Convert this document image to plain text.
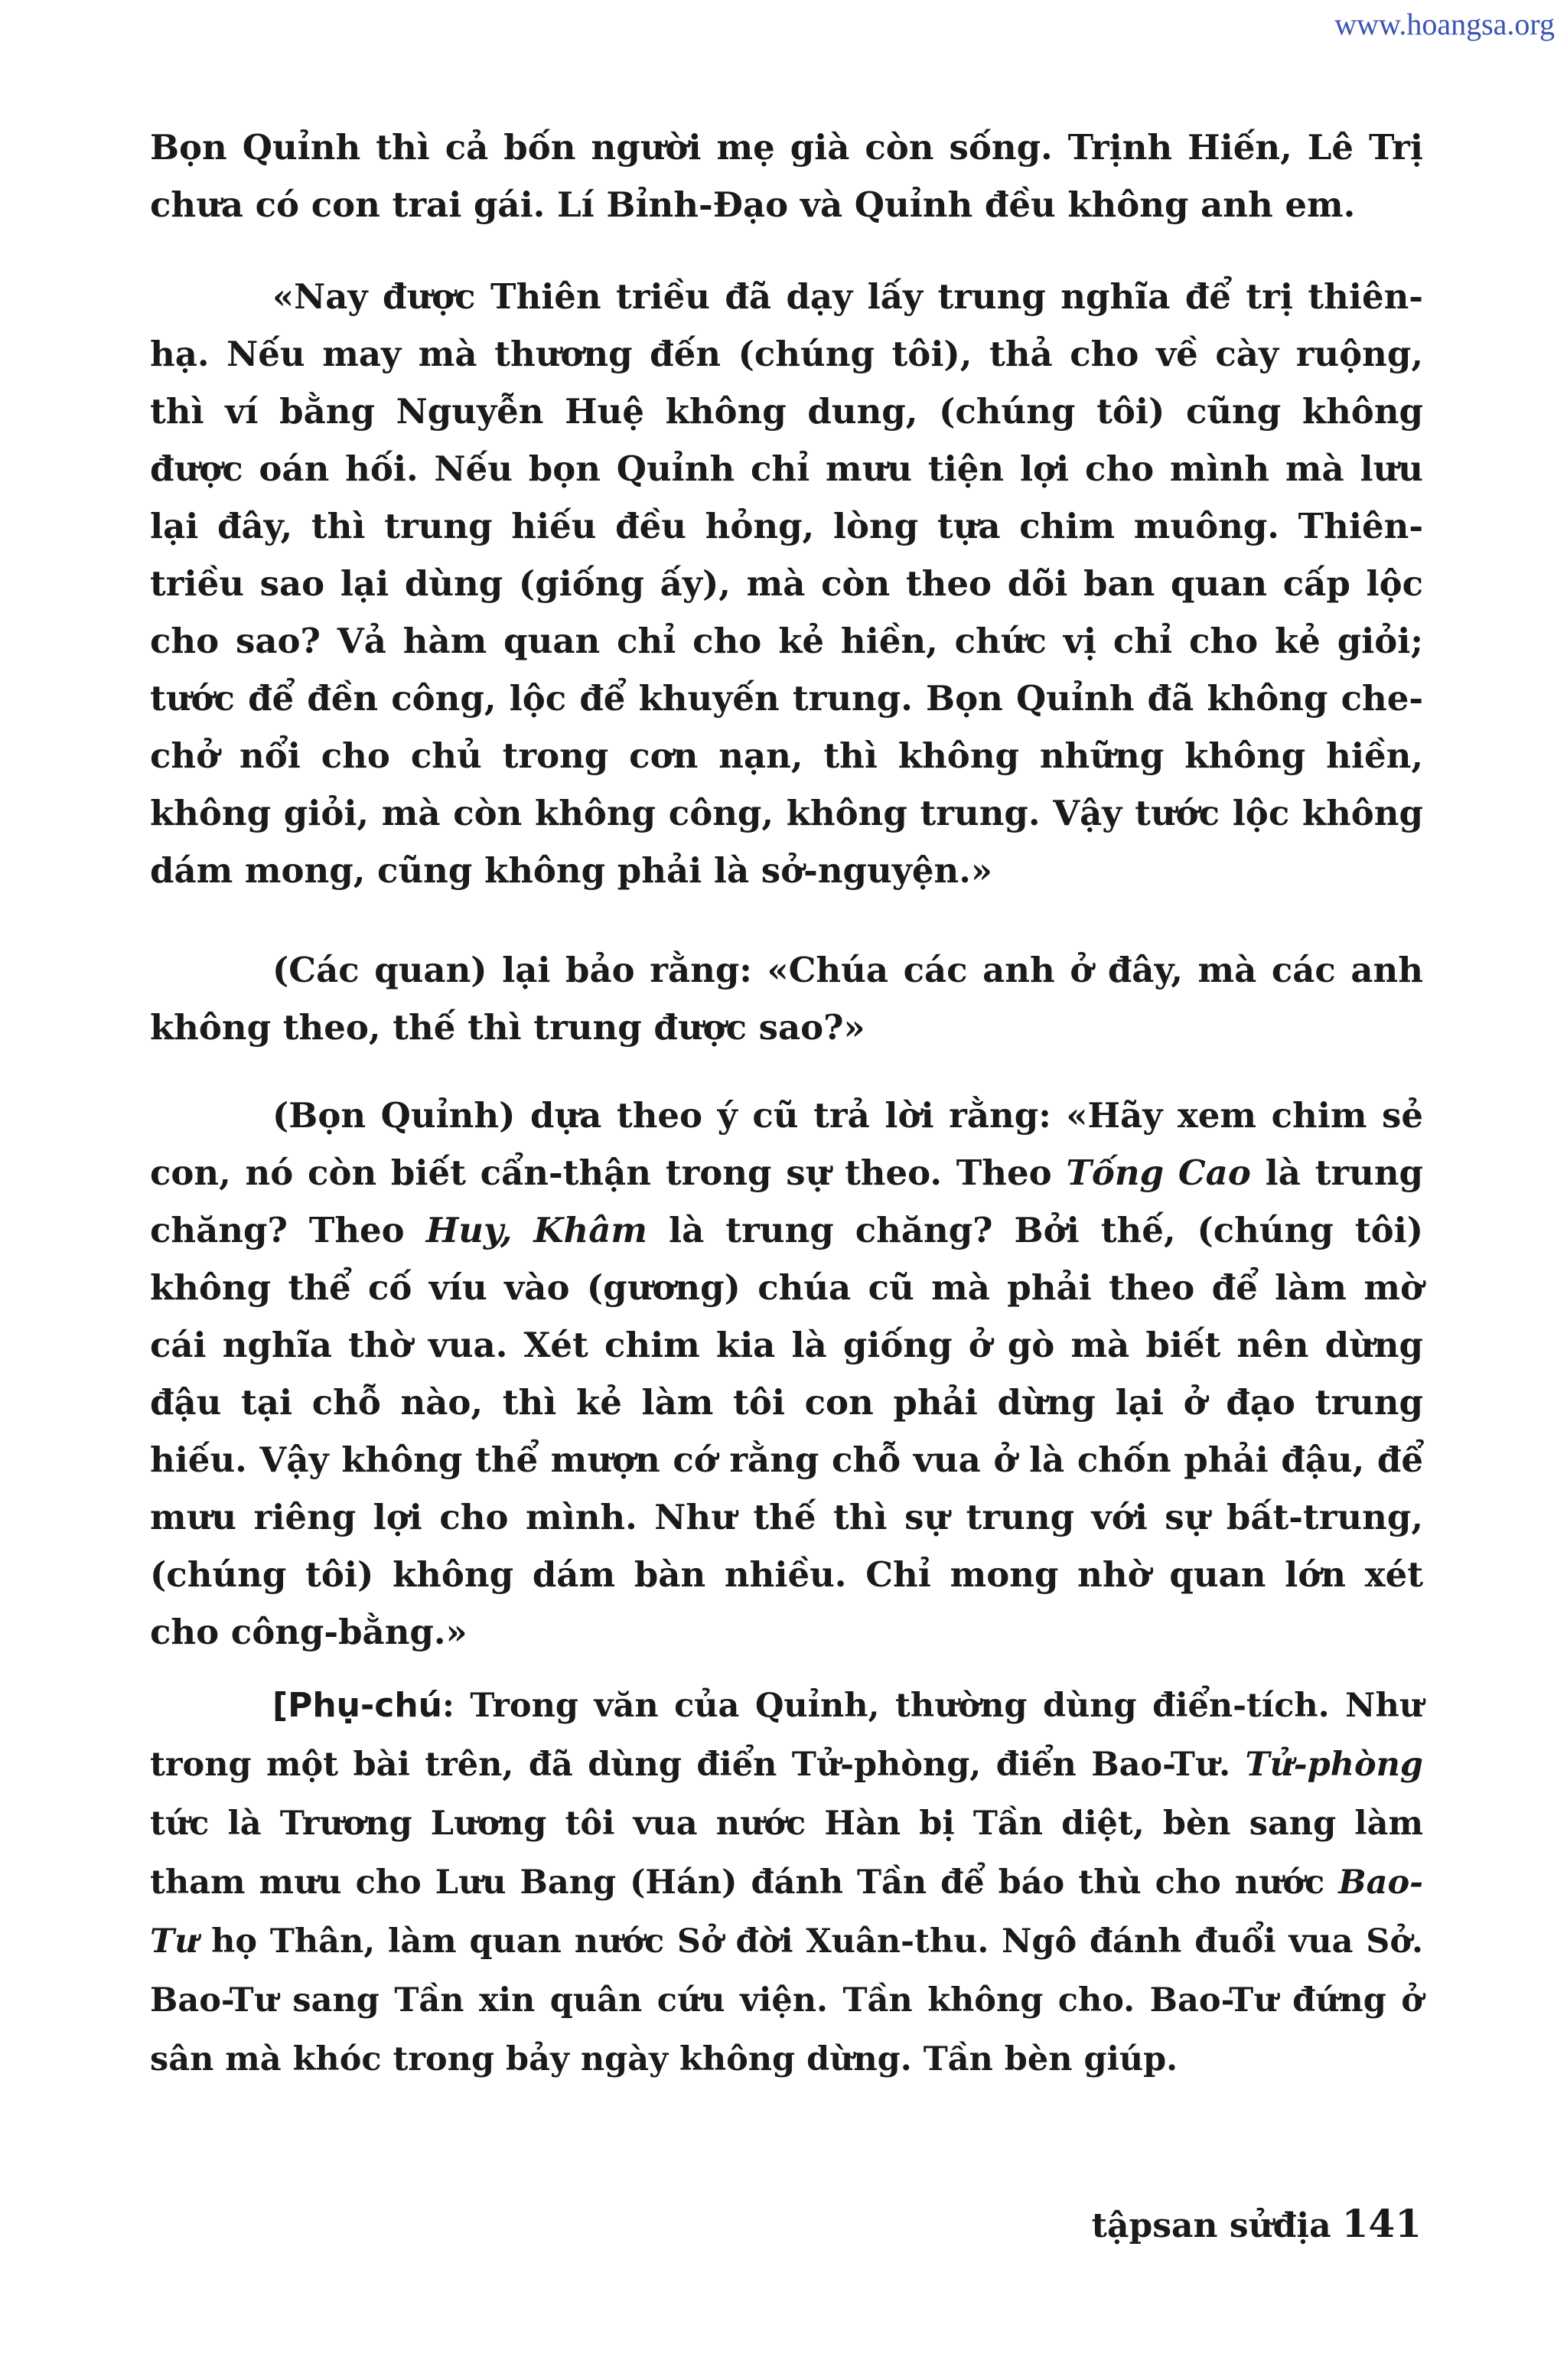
www.hoangsa.org

Bọn Quỉnh thì cả bốn người mẹ già còn sống. Trịnh Hiến, Lê Trị chưa có con trai gái. Lí Bỉnh-Đạo và Quỉnh đều không anh em.

«Nay được Thiên triều đã dạy lấy trung nghĩa để trị thiên-hạ. Nếu may mà thương đến (chúng tôi), thả cho về cày ruộng, thì ví bằng Nguyễn Huệ không dung, (chúng tôi) cũng không được oán hối. Nếu bọn Quỉnh chỉ mưu tiện lợi cho mình mà lưu lại đây, thì trung hiếu đều hỏng, lòng tựa chim muông. Thiên-triều sao lại dùng (giống ấy), mà còn theo dõi ban quan cấp lộc cho sao? Vả hàm quan chỉ cho kẻ hiền, chức vị chỉ cho kẻ giỏi; tước để đền công, lộc để khuyến trung. Bọn Quỉnh đã không che-chở nổi cho chủ trong cơn nạn, thì không những không hiền, không giỏi, mà còn không công, không trung. Vậy tước lộc không dám mong, cũng không phải là sở-nguyện.»

(Các quan) lại bảo rằng: «Chúa các anh ở đây, mà các anh không theo, thế thì trung được sao?»

(Bọn Quỉnh) dựa theo ý cũ trả lời rằng: «Hãy xem chim sẻ con, nó còn biết cẩn-thận trong sự theo. Theo Tống Cao là trung chăng? Theo Huy, Khâm là trung chăng? Bởi thế, (chúng tôi) không thể cố víu vào (gương) chúa cũ mà phải theo để làm mờ cái nghĩa thờ vua. Xét chim kia là giống ở gò mà biết nên dừng đậu tại chỗ nào, thì kẻ làm tôi con phải dừng lại ở đạo trung hiếu. Vậy không thể mượn cớ rằng chỗ vua ở là chốn phải đậu, để mưu riêng lợi cho mình. Như thế thì sự trung với sự bất-trung, (chúng tôi) không dám bàn nhiều. Chỉ mong nhờ quan lớn xét cho công-bằng.»

[Phụ-chú: Trong văn của Quỉnh, thường dùng điển-tích. Như trong một bài trên, đã dùng điển Tử-phòng, điển Bao-Tư. Tử-phòng tức là Trương Lương tôi vua nước Hàn bị Tần diệt, bèn sang làm tham mưu cho Lưu Bang (Hán) đánh Tần để báo thù cho nước Bao-Tư họ Thân, làm quan nước Sở đời Xuân-thu. Ngô đánh đuổi vua Sở. Bao-Tư sang Tần xin quân cứu viện. Tần không cho. Bao-Tư đứng ở sân mà khóc trong bảy ngày không dừng. Tần bèn giúp.

tậpsan sửđịa 141
